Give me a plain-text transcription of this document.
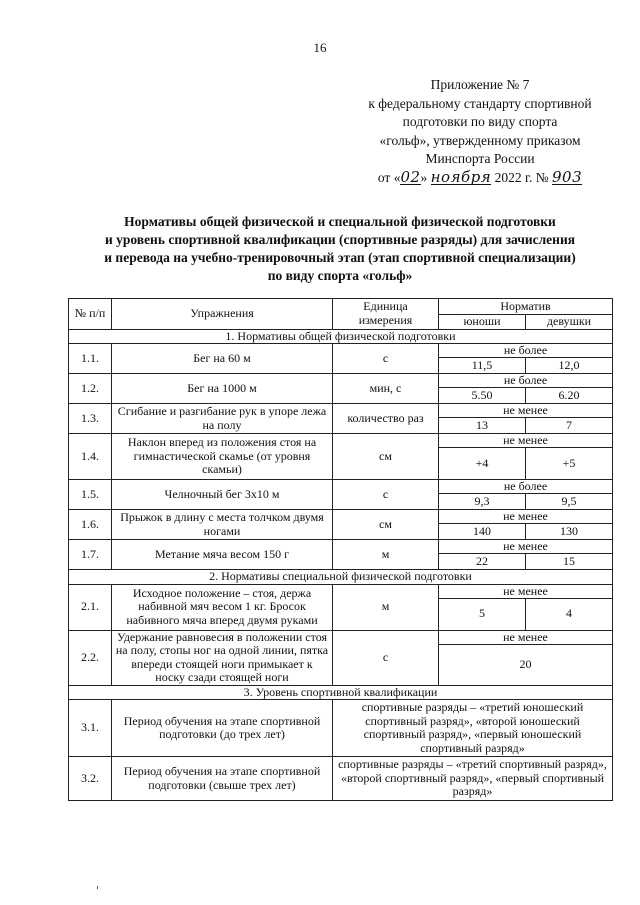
16
Приложение № 7
к федеральному стандарту спортивной
подготовки по виду спорта
«гольф», утвержденному приказом
Минспорта России
от «02» ноября 2022 г. № 903
Нормативы общей физической и специальной физической подготовки
и уровень спортивной квалификации (спортивные разряды) для зачисления
и перевода на учебно-тренировочный этап (этап спортивной специализации)
по виду спорта «гольф»
№ п/п	Упражнения	Единица измерения	Норматив	
			юноши	девушки
1. Нормативы общей физической подготовки				
1.1.	Бег на 60 м	с	не более
11,5 12,0	

1.2.	Бег на 1000 м	мин, с	не более
5.50 6.20	

1.3.	Сгибание и разгибание рук в упоре лежа на полу	количество раз	не менее
13 7	

1.4.	Наклон вперед из положения стоя на гимнастической скамье (от уровня скамьи)	см	не менее
+4 +5	

1.5.	Челночный бег 3х10 м	с	не более
9,3 9,5	

1.6.	Прыжок в длину с места толчком двумя ногами	см	не менее
140 130	

1.7.	Метание мяча весом 150 г	м	не менее
22 15	

2. Нормативы специальной физической подготовки				
2.1.	Исходное положение – стоя, держа набивной мяч весом 1 кг. Бросок набивного мяча вперед двумя руками	м	не менее
5 4	

2.2.	Удержание равновесия в положении стоя на полу, стопы ног на одной линии, пятка впереди стоящей ноги примыкает к носку сзади стоящей ноги	с	не менее
20	

3. Уровень спортивной квалификации				
3.1.	Период обучения на этапе спортивной подготовки (до трех лет)	спортивные разряды – «третий юношеский спортивный разряд», «второй юношеский спортивный разряд», «первый юношеский спортивный разряд»		
3.2.	Период обучения на этапе спортивной подготовки (свыше трех лет)	спортивные разряды – «третий спортивный разряд», «второй спортивный разряд», «первый спортивный разряд»		
